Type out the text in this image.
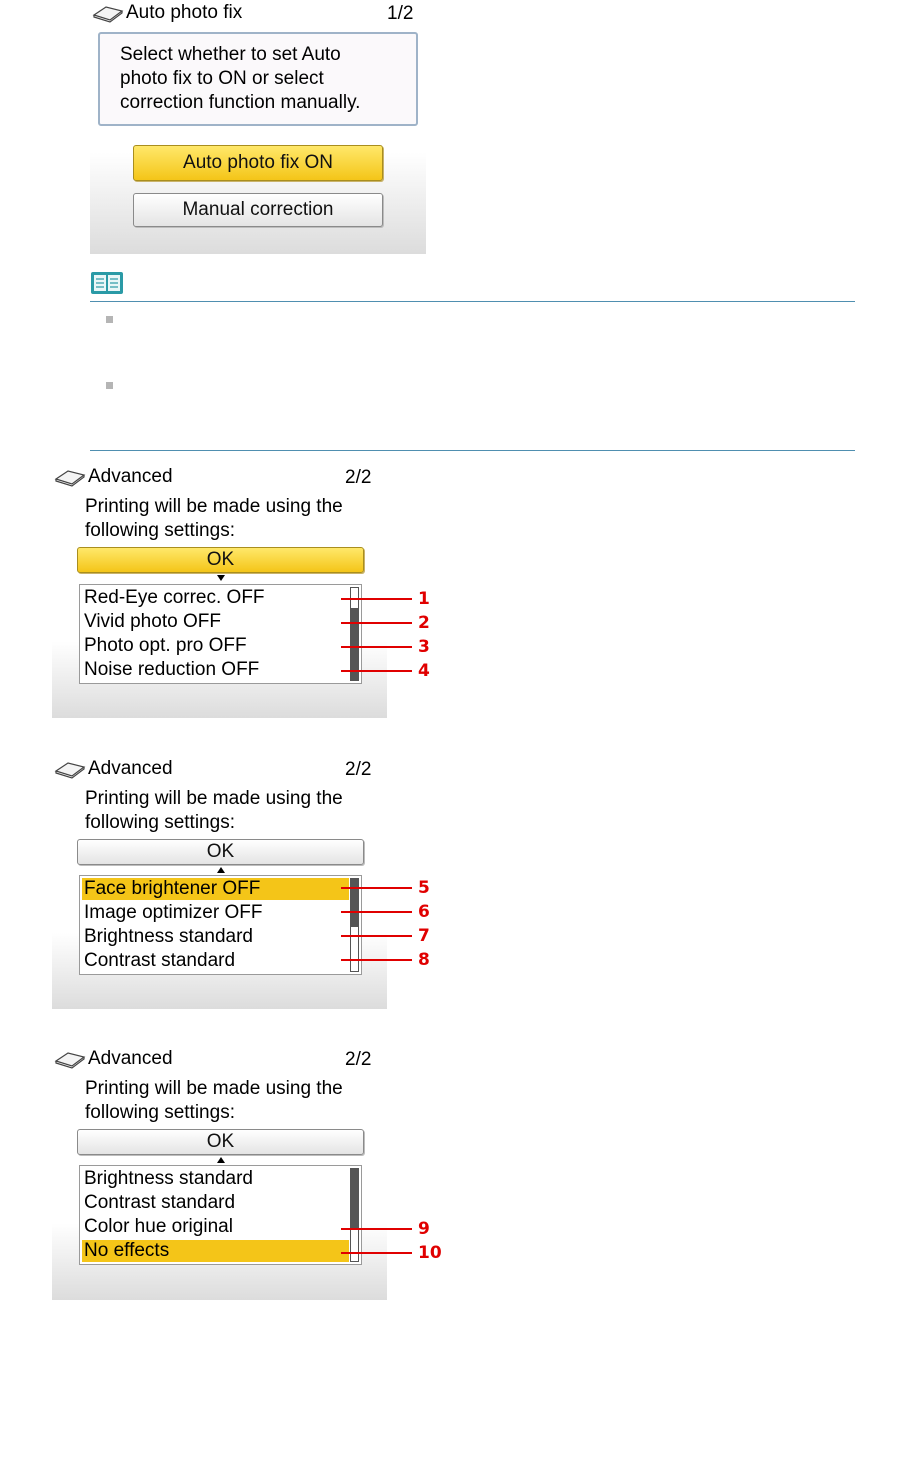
Auto photo fix	1/2
Select whether to set Auto
photo fix to ON or select
correction function manually.
Auto photo fix ON
Manual correction
Advanced	2/2
Printing will be made using the
following settings:
OK
Red-Eye correc. OFF
Vivid photo OFF
Photo opt. pro OFF
Noise reduction OFF
1
2
3
4
Advanced	2/2
Printing will be made using the
following settings:
OK
Face brightener OFF
Image optimizer OFF
Brightness standard
Contrast standard
5
6
7
8
Advanced	2/2
Printing will be made using the
following settings:
OK
Brightness standard
Contrast standard
Color hue original
No effects
9
10
